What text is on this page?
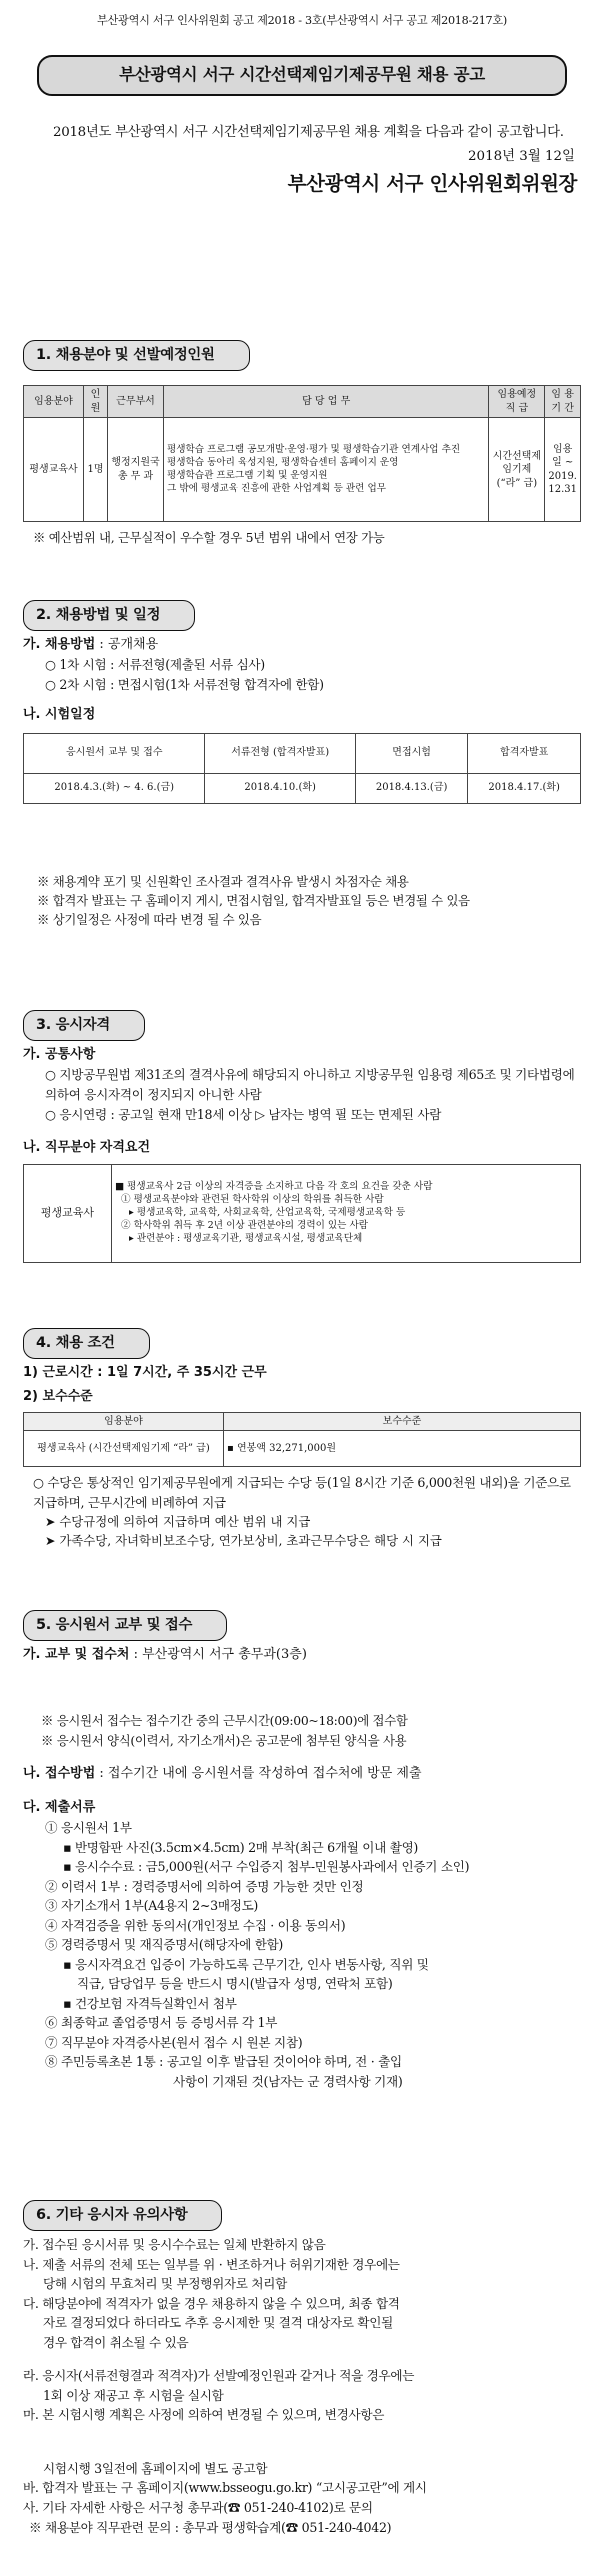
부산광역시 서구 인사위원회 공고 제2018 - 3호(부산광역시 서구 공고 제2018-217호)
부산광역시 서구 시간선택제임기제공무원 채용 공고
2018년도 부산광역시 서구 시간선택제임기제공무원 채용 계획을 다음과 같이 공고합니다.
2018년 3월 12일
부산광역시 서구 인사위원회위원장
1. 채용분야 및 선발예정인원
임용분야	인원	근무부서	담 당 업 무	임용예정 직 급	임 용 기 간
평생교육사	1명	행정지원국 총 무 과	평생학습 프로그램 공모개발·운영·평가 및 평생학습기관 연계사업 추진
평생학습 동아리 육성지원, 평생학습센터 홈페이지 운영
평생학습관 프로그램 기획 및 운영지원
그 밖에 평생교육 진흥에 관한 사업계획 등 관련 업무	시간선택제임기제 (“라” 급)	임용일 ~ 2019. 12.31
※ 예산범위 내, 근무실적이 우수할 경우 5년 범위 내에서 연장 가능
2. 채용방법 및 일정
가. 채용방법 : 공개채용
○ 1차 시험 : 서류전형(제출된 서류 심사)
○ 2차 시험 : 면접시험(1차 서류전형 합격자에 한함)
나. 시험일정
응시원서 교부 및 접수	서류전형 (합격자발표)	면접시험	합격자발표
2018.4.3.(화) ~ 4. 6.(금)	2018.4.10.(화)	2018.4.13.(금)	2018.4.17.(화)
※ 채용계약 포기 및 신원확인 조사결과 결격사유 발생시 차점자순 채용
※ 합격자 발표는 구 홈페이지 게시, 면접시험일, 합격자발표일 등은 변경될 수 있음
※ 상기일정은 사정에 따라 변경 될 수 있음
3. 응시자격
가. 공통사항
○ 지방공무원법 제31조의 결격사유에 해당되지 아니하고 지방공무원 임용령 제65조 및 기타법령에 의하여 응시자격이 정지되지 아니한 사람
○ 응시연령 : 공고일 현재 만18세 이상 ▷ 남자는 병역 필 또는 면제된 사람
나. 직무분야 자격요건
평생교육사	
■ 평생교육사 2급 이상의 자격증을 소지하고 다음 각 호의 요건을 갖춘 사람
① 평생교육분야와 관련된 학사학위 이상의 학위를 취득한 사람
▸ 평생교육학, 교육학, 사회교육학, 산업교육학, 국제평생교육학 등
② 학사학위 취득 후 2년 이상 관련분야의 경력이 있는 사람
▸ 관련분야 : 평생교육기관, 평생교육시설, 평생교육단체
4. 채용 조건
1) 근로시간 : 1일 7시간, 주 35시간 근무
2) 보수수준
임용분야	보수수준
평생교육사 (시간선택제임기제 “라” 급)	▪ 연봉액 32,271,000원
○ 수당은 통상적인 임기제공무원에게 지급되는 수당 등(1일 8시간 기준 6,000천원 내외)을 기준으로 지급하며, 근무시간에 비례하여 지급
➤ 수당규정에 의하여 지급하며 예산 범위 내 지급
➤ 가족수당, 자녀학비보조수당, 연가보상비, 초과근무수당은 해당 시 지급
5. 응시원서 교부 및 접수
가. 교부 및 접수처 : 부산광역시 서구 총무과(3층)
※ 응시원서 접수는 접수기간 중의 근무시간(09:00~18:00)에 접수함
※ 응시원서 양식(이력서, 자기소개서)은 공고문에 첨부된 양식을 사용
나. 접수방법 : 접수기간 내에 응시원서를 작성하여 접수처에 방문 제출
다. 제출서류
① 응시원서 1부
▪ 반명함판 사진(3.5cm×4.5cm) 2매 부착(최근 6개월 이내 촬영)
▪ 응시수수료 : 금5,000원(서구 수입증지 첨부-민원봉사과에서 인증기 소인)
② 이력서 1부 : 경력증명서에 의하여 증명 가능한 것만 인정
③ 자기소개서 1부(A4용지 2~3매정도)
④ 자격검증을 위한 동의서(개인정보 수집 · 이용 동의서)
⑤ 경력증명서 및 재직증명서(해당자에 한함)
▪ 응시자격요건 입증이 가능하도록 근무기간, 인사 변동사항, 직위 및
직급, 담당업무 등을 반드시 명시(발급자 성명, 연락처 포함)
▪ 건강보험 자격득실확인서 첨부
⑥ 최종학교 졸업증명서 등 증빙서류 각 1부
⑦ 직무분야 자격증사본(원서 접수 시 원본 지참)
⑧ 주민등록초본 1통 : 공고일 이후 발급된 것이어야 하며, 전 · 출입
사항이 기재된 것(남자는 군 경력사항 기재)
6. 기타 응시자 유의사항
가. 접수된 응시서류 및 응시수수료는 일체 반환하지 않음
나. 제출 서류의 전체 또는 일부를 위 · 변조하거나 허위기재한 경우에는
당해 시험의 무효처리 및 부정행위자로 처리함
다. 해당분야에 적격자가 없을 경우 채용하지 않을 수 있으며, 최종 합격
자로 결정되었다 하더라도 추후 응시제한 및 결격 대상자로 확인될
경우 합격이 취소될 수 있음
라. 응시자(서류전형결과 적격자)가 선발예정인원과 같거나 적을 경우에는
1회 이상 재공고 후 시험을 실시함
마. 본 시험시행 계획은 사정에 의하여 변경될 수 있으며, 변경사항은
시험시행 3일전에 홈페이지에 별도 공고함
바. 합격자 발표는 구 홈페이지(www.bsseogu.go.kr) “고시공고란”에 게시
사. 기타 자세한 사항은 서구청 총무과(☎ 051-240-4102)로 문의
※ 채용분야 직무관련 문의 : 총무과 평생학습계(☎ 051-240-4042)
